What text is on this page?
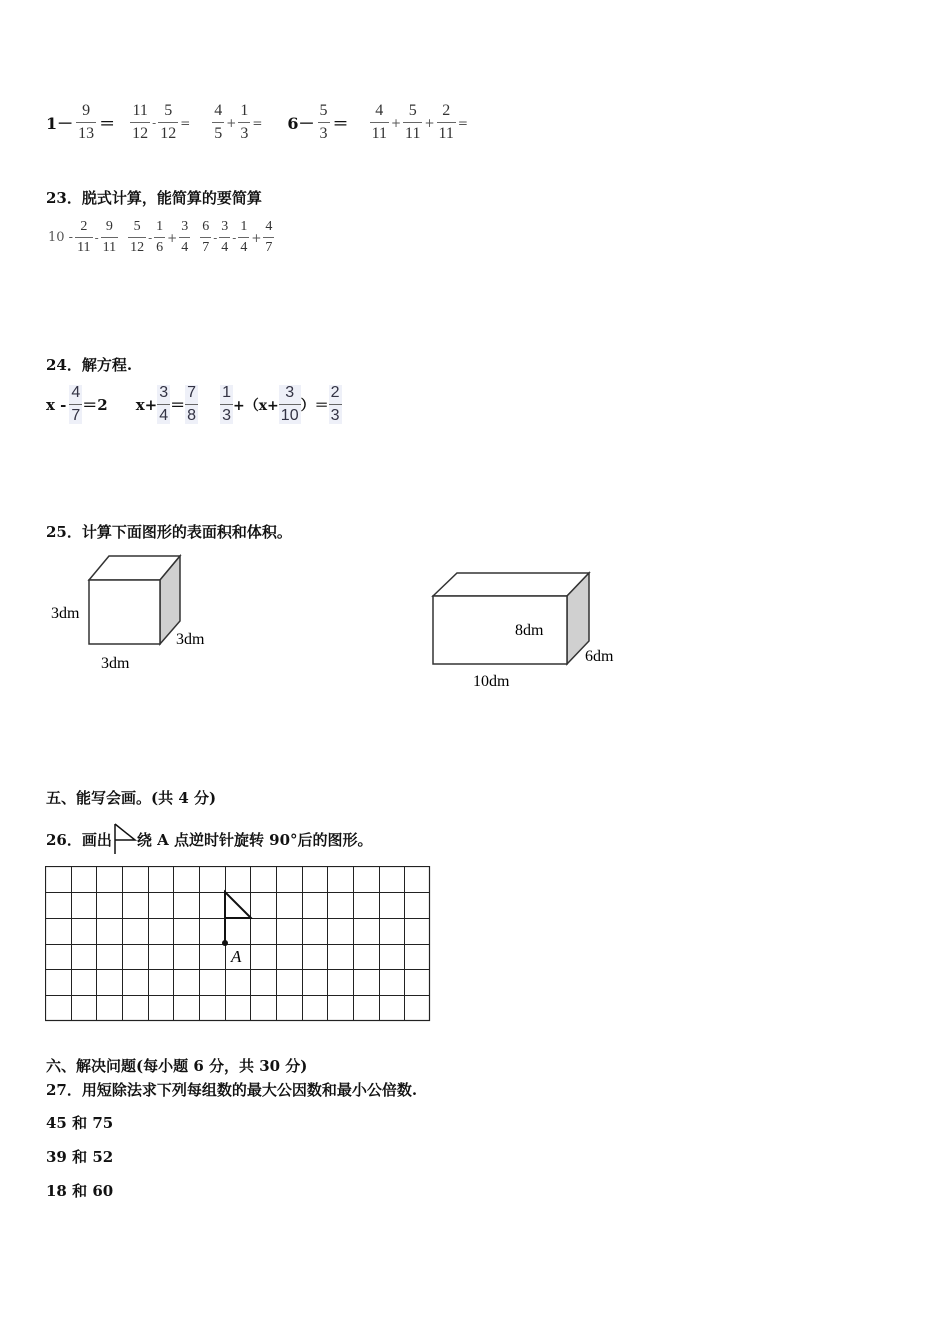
$1- \frac{9}{13} = \frac{11}{12} - \frac{5}{12} = \frac{4}{5} + \frac{1}{3} = 6- \frac{5}{3} = \frac{4}{11} + \frac{5}{11} + \frac{2}{11}$ =
23．脱式计算，能简算的要简算
$10 - \frac{2}{11} - \frac{9}{11} \frac{5}{12} - \frac{1}{6} + \frac{3}{4} \frac{6}{7} - \frac{3}{4} - \frac{1}{4} + \frac{4}{7}$
24．解方程.
$x - \frac{4}{7} =2$ $x+ \frac{3}{4} = \frac{7}{8} \frac{1}{3} +(x+ \frac{3}{10}$ ）＝ $\frac{2}{3}$
25．计算下面图形的表面积和体积。
3dm
3dm
3dm
8dm
6dm
10dm
五、能写会画。(共 4 分)
26．画出 绕 A 点逆时针旋转 90°后的图形。
A
六、解决问题(每小题 6 分，共 30 分)
27．用短除法求下列每组数的最大公因数和最小公倍数.
45 和 75
39 和 52
18 和 60
